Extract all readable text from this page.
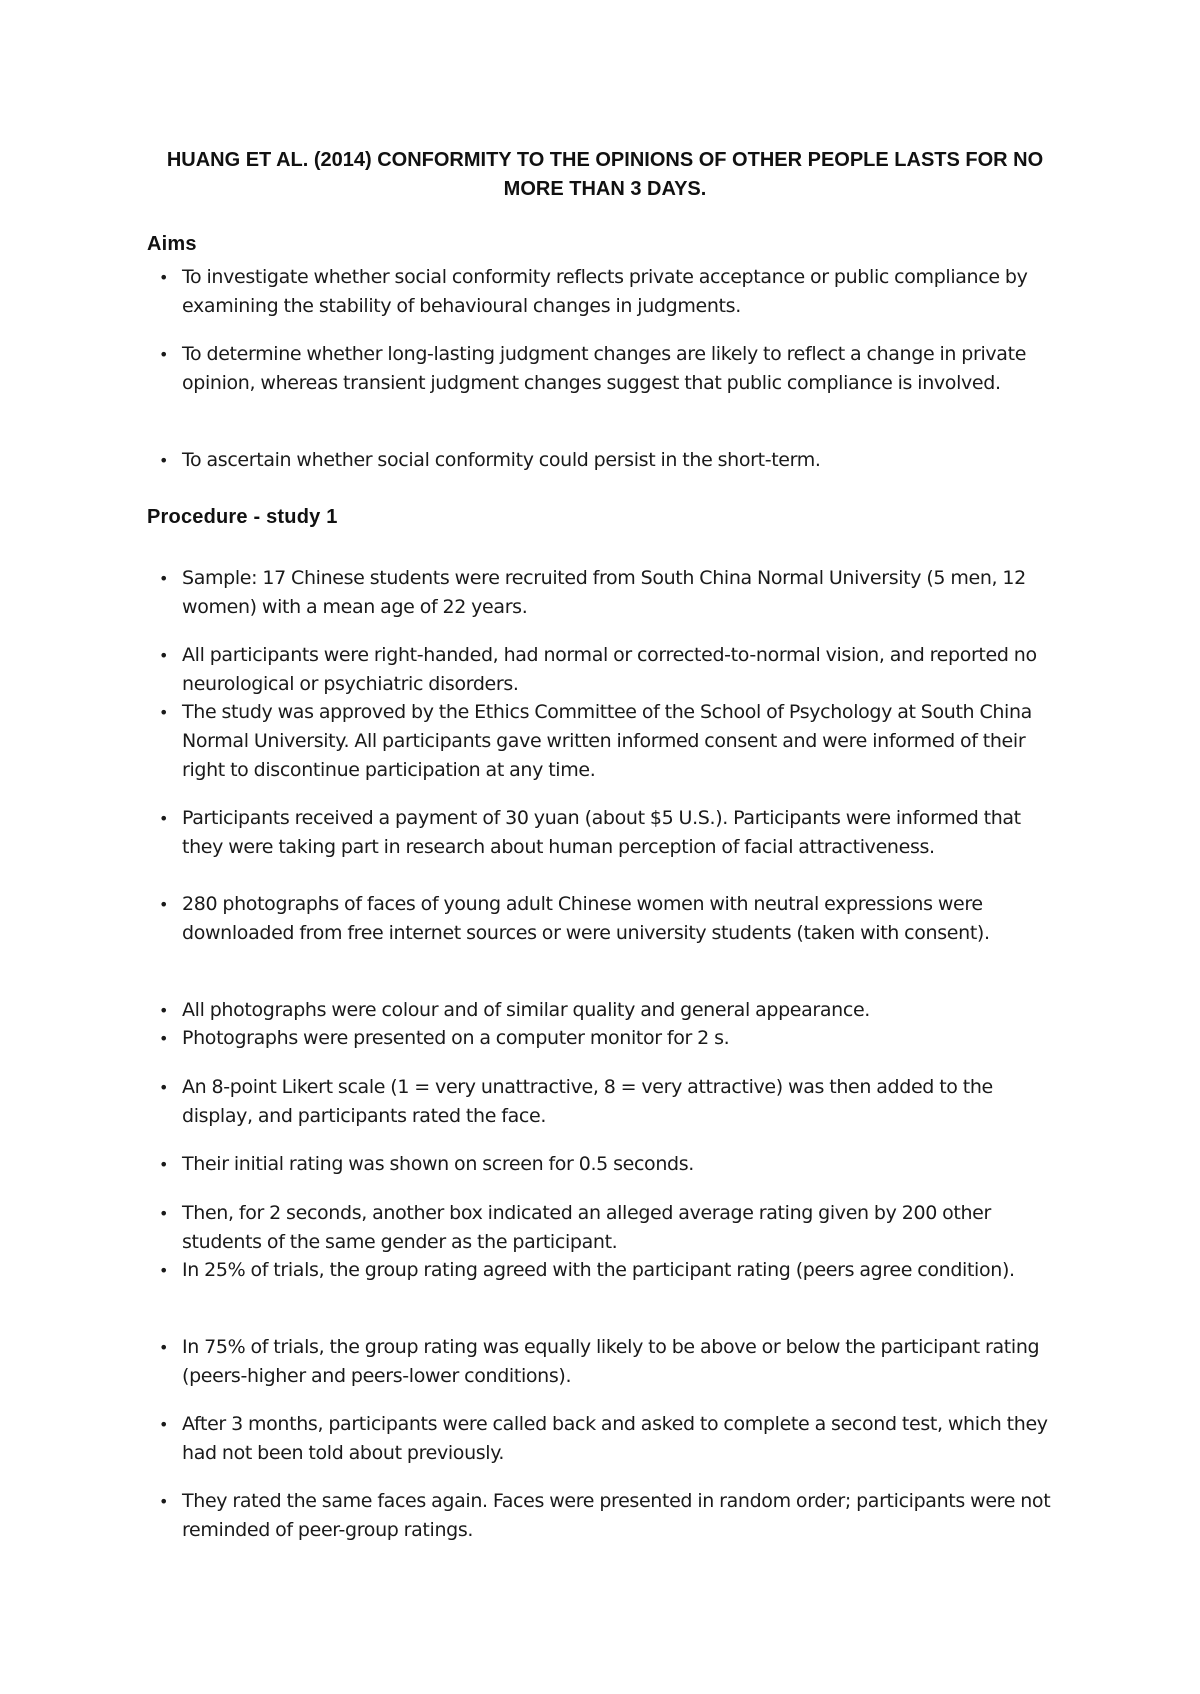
HUANG ET AL. (2014) CONFORMITY TO THE OPINIONS OF OTHER PEOPLE LASTS FOR NO MORE THAN 3 DAYS.
Aims
• To investigate whether social conformity reflects private acceptance or public compliance by examining the stability of behavioural changes in judgments.
• To determine whether long-lasting judgment changes are likely to reflect a change in private opinion, whereas transient judgment changes suggest that public compliance is involved.
• To ascertain whether social conformity could persist in the short-term.
Procedure - study 1
• Sample: 17 Chinese students were recruited from South China Normal University (5 men, 12 women) with a mean age of 22 years.
• All participants were right-handed, had normal or corrected-to-normal vision, and reported no neurological or psychiatric disorders.
• The study was approved by the Ethics Committee of the School of Psychology at South China Normal University. All participants gave written informed consent and were informed of their right to discontinue participation at any time.
• Participants received a payment of 30 yuan (about $5 U.S.). Participants were informed that they were taking part in research about human perception of facial attractiveness.
• 280 photographs of faces of young adult Chinese women with neutral expressions were downloaded from free internet sources or were university students (taken with consent).
• All photographs were colour and of similar quality and general appearance.
• Photographs were presented on a computer monitor for 2 s.
• An 8-point Likert scale (1 = very unattractive, 8 = very attractive) was then added to the display, and participants rated the face.
• Their initial rating was shown on screen for 0.5 seconds.
• Then, for 2 seconds, another box indicated an alleged average rating given by 200 other students of the same gender as the participant.
• In 25% of trials, the group rating agreed with the participant rating (peers agree condition).
• In 75% of trials, the group rating was equally likely to be above or below the participant rating (peers-higher and peers-lower conditions).
• After 3 months, participants were called back and asked to complete a second test, which they had not been told about previously.
• They rated the same faces again. Faces were presented in random order; participants were not reminded of peer-group ratings.
